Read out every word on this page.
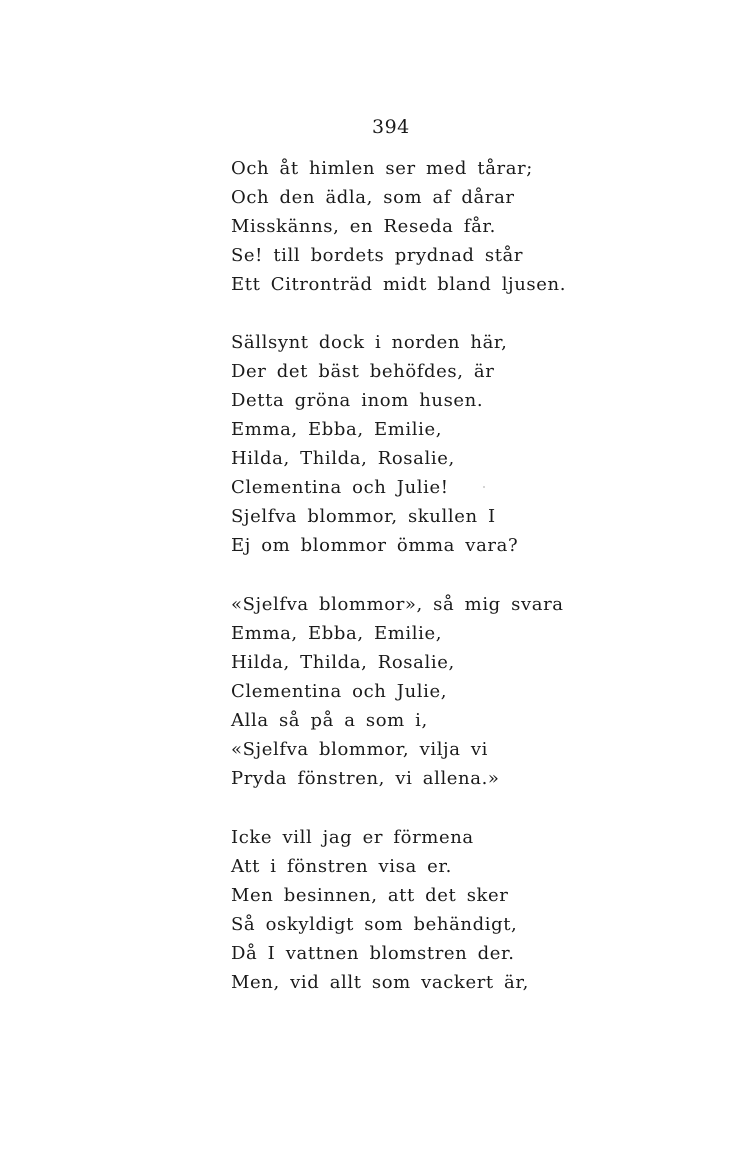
394
Och åt himlen ser med tårar;
Och den ädla, som af dårar
Misskänns, en Reseda får.
Se! till bordets prydnad står
Ett Citronträd midt bland ljusen.
Sällsynt dock i norden här,
Der det bäst behöfdes, är
Detta gröna inom husen.
Emma, Ebba, Emilie,
Hilda, Thilda, Rosalie,
Clementina och Julie!
Sjelfva blommor, skullen I
Ej om blommor ömma vara?
«Sjelfva blommor», så mig svara
Emma, Ebba, Emilie,
Hilda, Thilda, Rosalie,
Clementina och Julie,
Alla så på a som i,
«Sjelfva blommor, vilja vi
Pryda fönstren, vi allena.»
Icke vill jag er förmena
Att i fönstren visa er.
Men besinnen, att det sker
Så oskyldigt som behändigt,
Då I vattnen blomstren der.
Men, vid allt som vackert är,
